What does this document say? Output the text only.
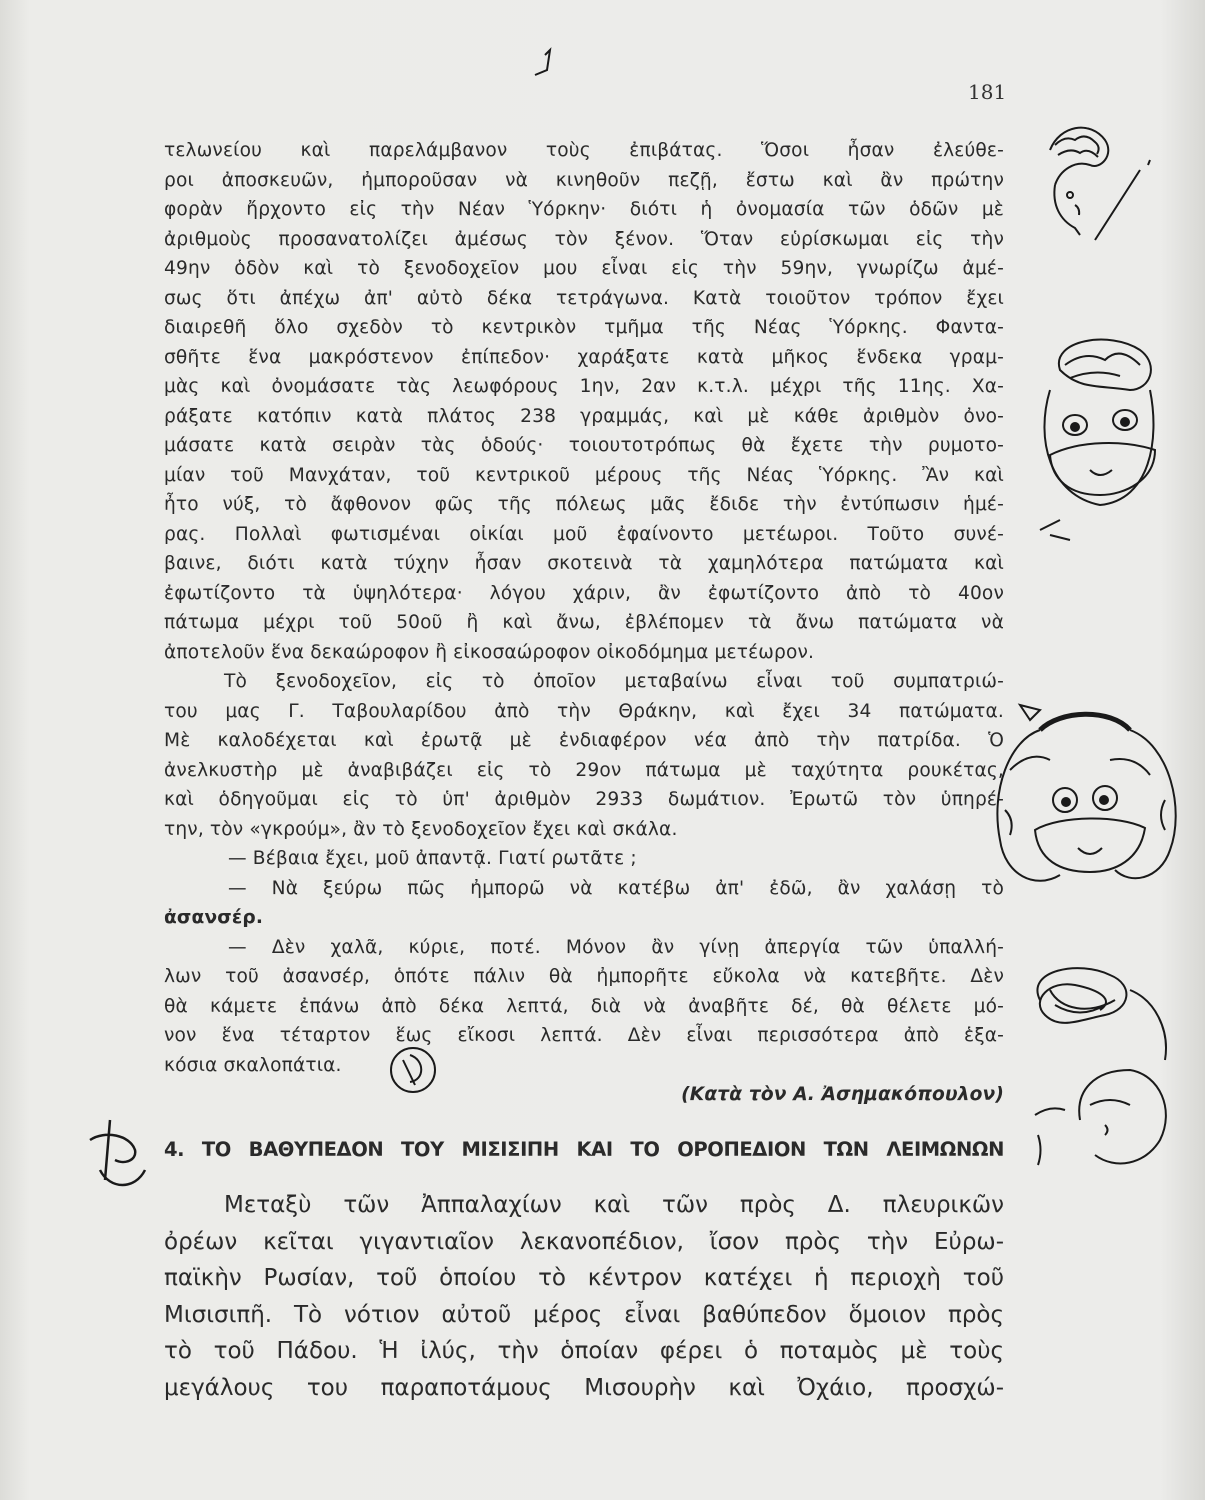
181
τελωνείου καὶ παρελάμβανον τοὺς ἐπιβάτας. Ὅσοι ἦσαν ἐλεύθε-
ροι ἀποσκευῶν, ἠμποροῦσαν νὰ κινηθοῦν πεζῇ, ἔστω καὶ ἂν πρώτην
φορὰν ἤρχοντο εἰς τὴν Νέαν Ὑόρκην· διότι ἡ ὀνομασία τῶν ὁδῶν μὲ
ἀριθμοὺς προσανατολίζει ἀμέσως τὸν ξένον. Ὅταν εὑρίσκωμαι εἰς τὴν
49ην ὁδὸν καὶ τὸ ξενοδοχεῖον μου εἶναι εἰς τὴν 59ην, γνωρίζω ἀμέ-
σως ὅτι ἀπέχω ἀπ' αὐτὸ δέκα τετράγωνα. Κατὰ τοιοῦτον τρόπον ἔχει
διαιρεθῆ ὅλο σχεδὸν τὸ κεντρικὸν τμῆμα τῆς Νέας Ὑόρκης. Φαντα-
σθῆτε ἕνα μακρόστενον ἐπίπεδον· χαράξατε κατὰ μῆκος ἕνδεκα γραμ-
μὰς καὶ ὀνομάσατε τὰς λεωφόρους 1ην, 2αν κ.τ.λ. μέχρι τῆς 11ης. Χα-
ράξατε κατόπιν κατὰ πλάτος 238 γραμμάς, καὶ μὲ κάθε ἀριθμὸν ὀνο-
μάσατε κατὰ σειρὰν τὰς ὁδούς· τοιουτοτρόπως θὰ ἔχετε τὴν ρυμοτο-
μίαν τοῦ Μανχάταν, τοῦ κεντρικοῦ μέρους τῆς Νέας Ὑόρκης. Ἂν καὶ
ἦτο νύξ, τὸ ἄφθονον φῶς τῆς πόλεως μᾶς ἔδιδε τὴν ἐντύπωσιν ἡμέ-
ρας. Πολλαὶ φωτισμέναι οἰκίαι μοῦ ἐφαίνοντο μετέωροι. Τοῦτο συνέ-
βαινε, διότι κατὰ τύχην ἦσαν σκοτεινὰ τὰ χαμηλότερα πατώματα καὶ
ἐφωτίζοντο τὰ ὑψηλότερα· λόγου χάριν, ἂν ἐφωτίζοντο ἀπὸ τὸ 40ον
πάτωμα μέχρι τοῦ 50οῦ ἢ καὶ ἄνω, ἐβλέπομεν τὰ ἄνω πατώματα νὰ
ἀποτελοῦν ἕνα δεκαώροφον ἢ εἰκοσαώροφον οἰκοδόμημα μετέωρον.
Τὸ ξενοδοχεῖον, εἰς τὸ ὁποῖον μεταβαίνω εἶναι τοῦ συμπατριώ-
του μας Γ. Ταβουλαρίδου ἀπὸ τὴν Θράκην, καὶ ἔχει 34 πατώματα.
Μὲ καλοδέχεται καὶ ἐρωτᾷ μὲ ἐνδιαφέρον νέα ἀπὸ τὴν πατρίδα. Ὁ
ἀνελκυστὴρ μὲ ἀναβιβάζει εἰς τὸ 29ον πάτωμα μὲ ταχύτητα ρουκέτας,
καὶ ὁδηγοῦμαι εἰς τὸ ὑπ' ἀριθμὸν 2933 δωμάτιον. Ἐρωτῶ τὸν ὑπηρέ-
την, τὸν «γκρούμ», ἂν τὸ ξενοδοχεῖον ἔχει καὶ σκάλα.
— Βέβαια ἔχει, μοῦ ἀπαντᾷ. Γιατί ρωτᾶτε ;
— Νὰ ξεύρω πῶς ἠμπορῶ νὰ κατέβω ἀπ' ἐδῶ, ἂν χαλάσῃ τὸ
ἀσανσέρ.
— Δὲν χαλᾶ, κύριε, ποτέ. Μόνον ἂν γίνῃ ἀπεργία τῶν ὑπαλλή-
λων τοῦ ἀσανσέρ, ὁπότε πάλιν θὰ ἠμπορῆτε εὔκολα νὰ κατεβῆτε. Δὲν
θὰ κάμετε ἐπάνω ἀπὸ δέκα λεπτά, διὰ νὰ ἀναβῆτε δέ, θὰ θέλετε μό-
νον ἕνα τέταρτον ἕως εἴκοσι λεπτά. Δὲν εἶναι περισσότερα ἀπὸ ἑξα-
κόσια σκαλοπάτια.
(Κατὰ τὸν Α. Ἀσημακόπουλον)
4. ΤΟ ΒΑΘΥΠΕΔΟΝ ΤΟΥ ΜΙΣΙΣΙΠΗ ΚΑΙ ΤΟ ΟΡΟΠΕΔΙΟΝ ΤΩΝ ΛΕΙΜΩΝΩΝ
Μεταξὺ τῶν Ἀππαλαχίων καὶ τῶν πρὸς Δ. πλευρικῶν
ὀρέων κεῖται γιγαντιαῖον λεκανοπέδιον, ἴσον πρὸς τὴν Εὐρω-
παϊκὴν Ρωσίαν, τοῦ ὁποίου τὸ κέντρον κατέχει ἡ περιοχὴ τοῦ
Μισισιπῆ. Τὸ νότιον αὐτοῦ μέρος εἶναι βαθύπεδον ὅμοιον πρὸς
τὸ τοῦ Πάδου. Ἡ ἰλύς, τὴν ὁποίαν φέρει ὁ ποταμὸς μὲ τοὺς
μεγάλους του παραποτάμους Μισουρὴν καὶ Ὀχάιο, προσχώ-
